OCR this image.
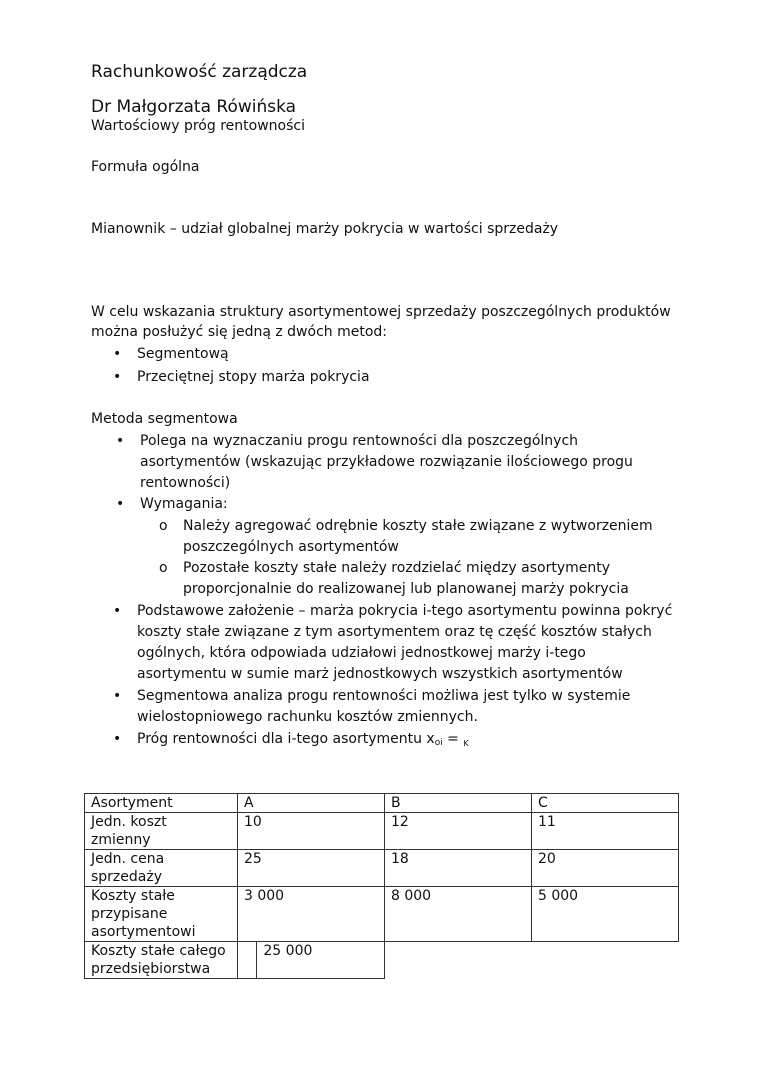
Rachunkowość zarządcza
Dr Małgorzata Rówińska
Wartościowy próg rentowności
Formuła ogólna
Mianownik – udział globalnej marży pokrycia w wartości sprzedaży
W celu wskazania struktury asortymentowej sprzedaży poszczególnych produktów
można posłużyć się jedną z dwóch metod:
• Segmentową
• Przeciętnej stopy marża pokrycia
Metoda segmentowa
• Polega na wyznaczaniu progu rentowności dla poszczególnych
asortymentów (wskazując przykładowe rozwiązanie ilościowego progu
rentowności)
• Wymagania:
o Należy agregować odrębnie koszty stałe związane z wytworzeniem
poszczególnych asortymentów
o Pozostałe koszty stałe należy rozdzielać między asortymenty
proporcjonalnie do realizowanej lub planowanej marży pokrycia
• Podstawowe założenie – marża pokrycia i-tego asortymentu powinna pokryć
koszty stałe związane z tym asortymentem oraz tę część kosztów stałych
ogólnych, która odpowiada udziałowi jednostkowej marży i-tego
asortymentu w sumie marż jednostkowych wszystkich asortymentów
• Segmentowa analiza progu rentowności możliwa jest tylko w systemie
wielostopniowego rachunku kosztów zmiennych.
• Próg rentowności dla i-tego asortymentu xoi = $_K$
Asortyment	A		B	C

Jedn. koszt zmienny	10		12	11

Jedn. cena sprzedaży	25		18	20

Koszty stałe przypisane asortymentowi	3 000		8 000	5 000

Koszty stałe całego przedsiębiorstwa		25 000		
